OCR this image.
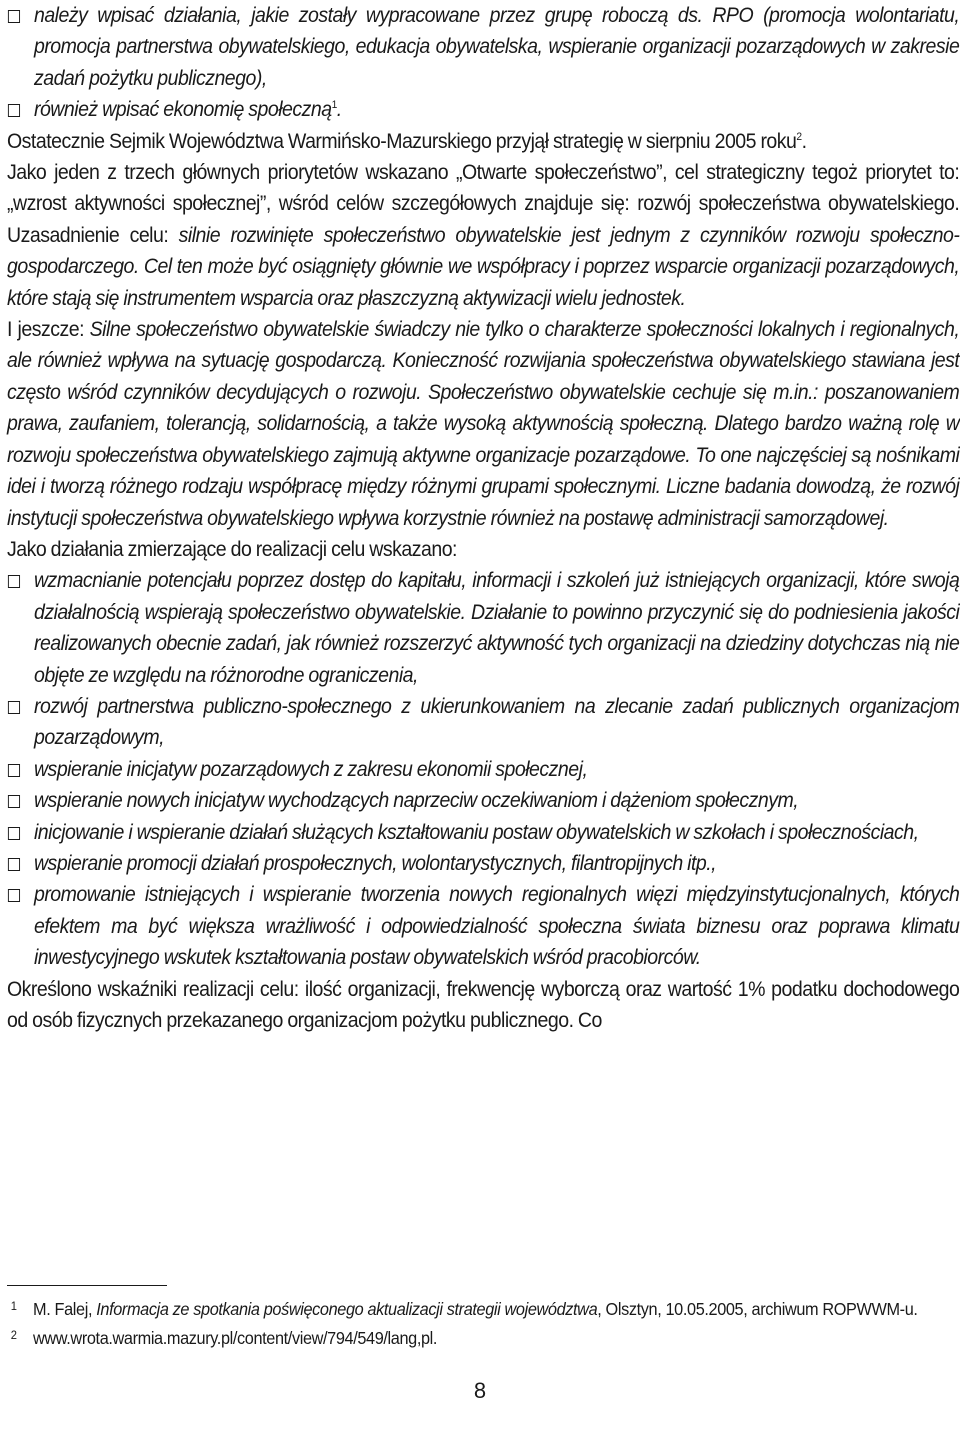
należy wpisać działania, jakie zostały wypracowane przez grupę roboczą ds. RPO (promocja wolontariatu, promocja partnerstwa obywatelskiego, edukacja obywatelska, wspieranie organizacji pozarządowych w zakresie zadań pożytku publicznego),
również wpisać ekonomię społeczną$^1$.

Ostatecznie Sejmik Województwa Warmińsko-Mazurskiego przyjął strategię w sierpniu 2005 roku$^2$.

Jako jeden z trzech głównych priorytetów wskazano „Otwarte społeczeństwo”, cel strategiczny tegoż priorytet to: „wzrost aktywności społecznej”, wśród celów szczegółowych znajduje się: rozwój społeczeństwa obywatelskiego. Uzasadnienie celu: silnie rozwinięte społeczeństwo obywatelskie jest jednym z czynników rozwoju społeczno-gospodarczego. Cel ten może być osiągnięty głównie we współpracy i poprzez wsparcie organizacji pozarządowych, które stają się instrumentem wsparcia oraz płaszczyzną aktywizacji wielu jednostek.

I jeszcze: Silne społeczeństwo obywatelskie świadczy nie tylko o charakterze społeczności lokalnych i regionalnych, ale również wpływa na sytuację gospodarczą. Konieczność rozwijania społeczeństwa obywatelskiego stawiana jest często wśród czynników decydujących o rozwoju. Społeczeństwo obywatelskie cechuje się m.in.: poszanowaniem prawa, zaufaniem, tolerancją, solidarnością, a także wysoką aktywnością społeczną. Dlatego bardzo ważną rolę w rozwoju społeczeństwa obywatelskiego zajmują aktywne organizacje pozarządowe. To one najczęściej są nośnikami idei i tworzą różnego rodzaju współpracę między różnymi grupami społecznymi. Liczne badania dowodzą, że rozwój instytucji społeczeństwa obywatelskiego wpływa korzystnie również na postawę administracji samorządowej.

Jako działania zmierzające do realizacji celu wskazano:

wzmacnianie potencjału poprzez dostęp do kapitału, informacji i szkoleń już istniejących organizacji, które swoją działalnością wspierają społeczeństwo obywatelskie. Działanie to powinno przyczynić się do podniesienia jakości realizowanych obecnie zadań, jak również rozszerzyć aktywność tych organizacji na dziedziny dotychczas nią nie objęte ze względu na różnorodne ograniczenia,
rozwój partnerstwa publiczno-społecznego z ukierunkowaniem na zlecanie zadań publicznych organizacjom pozarządowym,
wspieranie inicjatyw pozarządowych z zakresu ekonomii społecznej,
wspieranie nowych inicjatyw wychodzących naprzeciw oczekiwaniom i dążeniom społecznym,
inicjowanie i wspieranie działań służących kształtowaniu postaw obywatelskich w szkołach i społecznościach,
wspieranie promocji działań prospołecznych, wolontarystycznych, filantropijnych itp.,
promowanie istniejących i wspieranie tworzenia nowych regionalnych więzi międzyinstytucjonalnych, których efektem ma być większa wrażliwość i odpowiedzialność społeczna świata biznesu oraz poprawa klimatu inwestycyjnego wskutek kształtowania postaw obywatelskich wśród pracobiorców.

Określono wskaźniki realizacji celu: ilość organizacji, frekwencję wyborczą oraz wartość 1% podatku dochodowego od osób fizycznych przekazanego organizacjom pożytku publicznego. Co

1 M. Falej, Informacja ze spotkania poświęconego aktualizacji strategii województwa, Olsztyn, 10.05.2005, archiwum ROPWWM-u.
2 www.wrota.warmia.mazury.pl/content/view/794/549/lang,pl.
8
